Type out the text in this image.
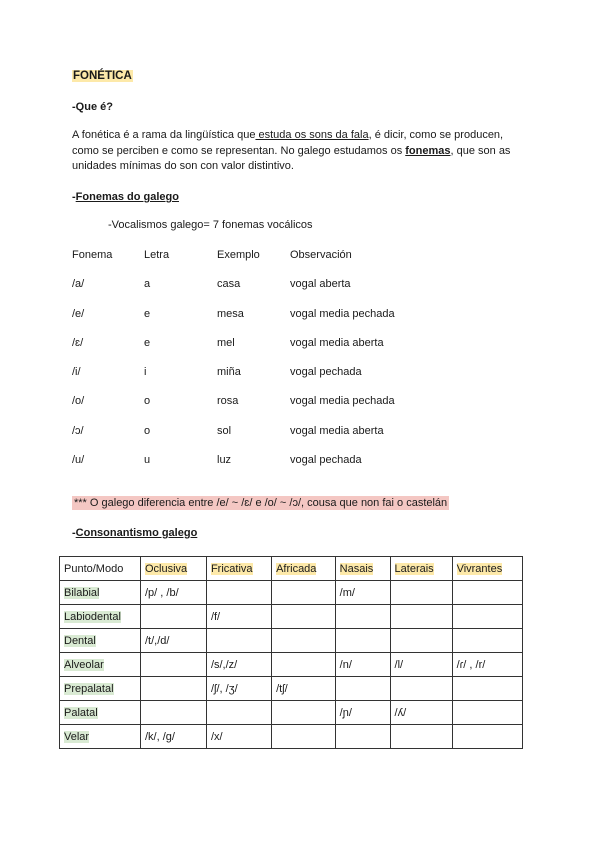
FONÉTICA
-Que é?
A fonética é a rama da lingüística que estuda os sons da fala, é dicir, como se producen, como se perciben e como se representan. No galego estudamos os fonemas, que son as unidades mínimas do son con valor distintivo.
-Fonemas do galego
-Vocalismos galego= 7 fonemas vocálicos
Fonema	Letra	Exemplo	Observación
/a/	a	casa	vogal aberta
/e/	e	mesa	vogal media pechada
/ɛ/	e	mel	vogal media aberta
/i/	i	miña	vogal pechada
/o/	o	rosa	vogal media pechada
/ɔ/	o	sol	vogal media aberta
/u/	u	luz	vogal pechada
*** O galego diferencia entre /e/ ~ /ɛ/ e /o/ ~ /ɔ/, cousa que non fai o castelán
-Consonantismo galego
Punto/Modo	Oclusiva	Fricativa	Africada	Nasais	Laterais	Vivrantes
Bilabial	/p/ , /b/			/m/		
Labiodental		/f/				
Dental	/t/,/d/					
Alveolar		/s/,/z/		/n/	/l/	/ɾ/ , /r/
Prepalatal		/ʃ/, /ʒ/	/tʃ/			
Palatal				/ɲ/	/ʎ/	
Velar	/k/, /g/	/x/				
